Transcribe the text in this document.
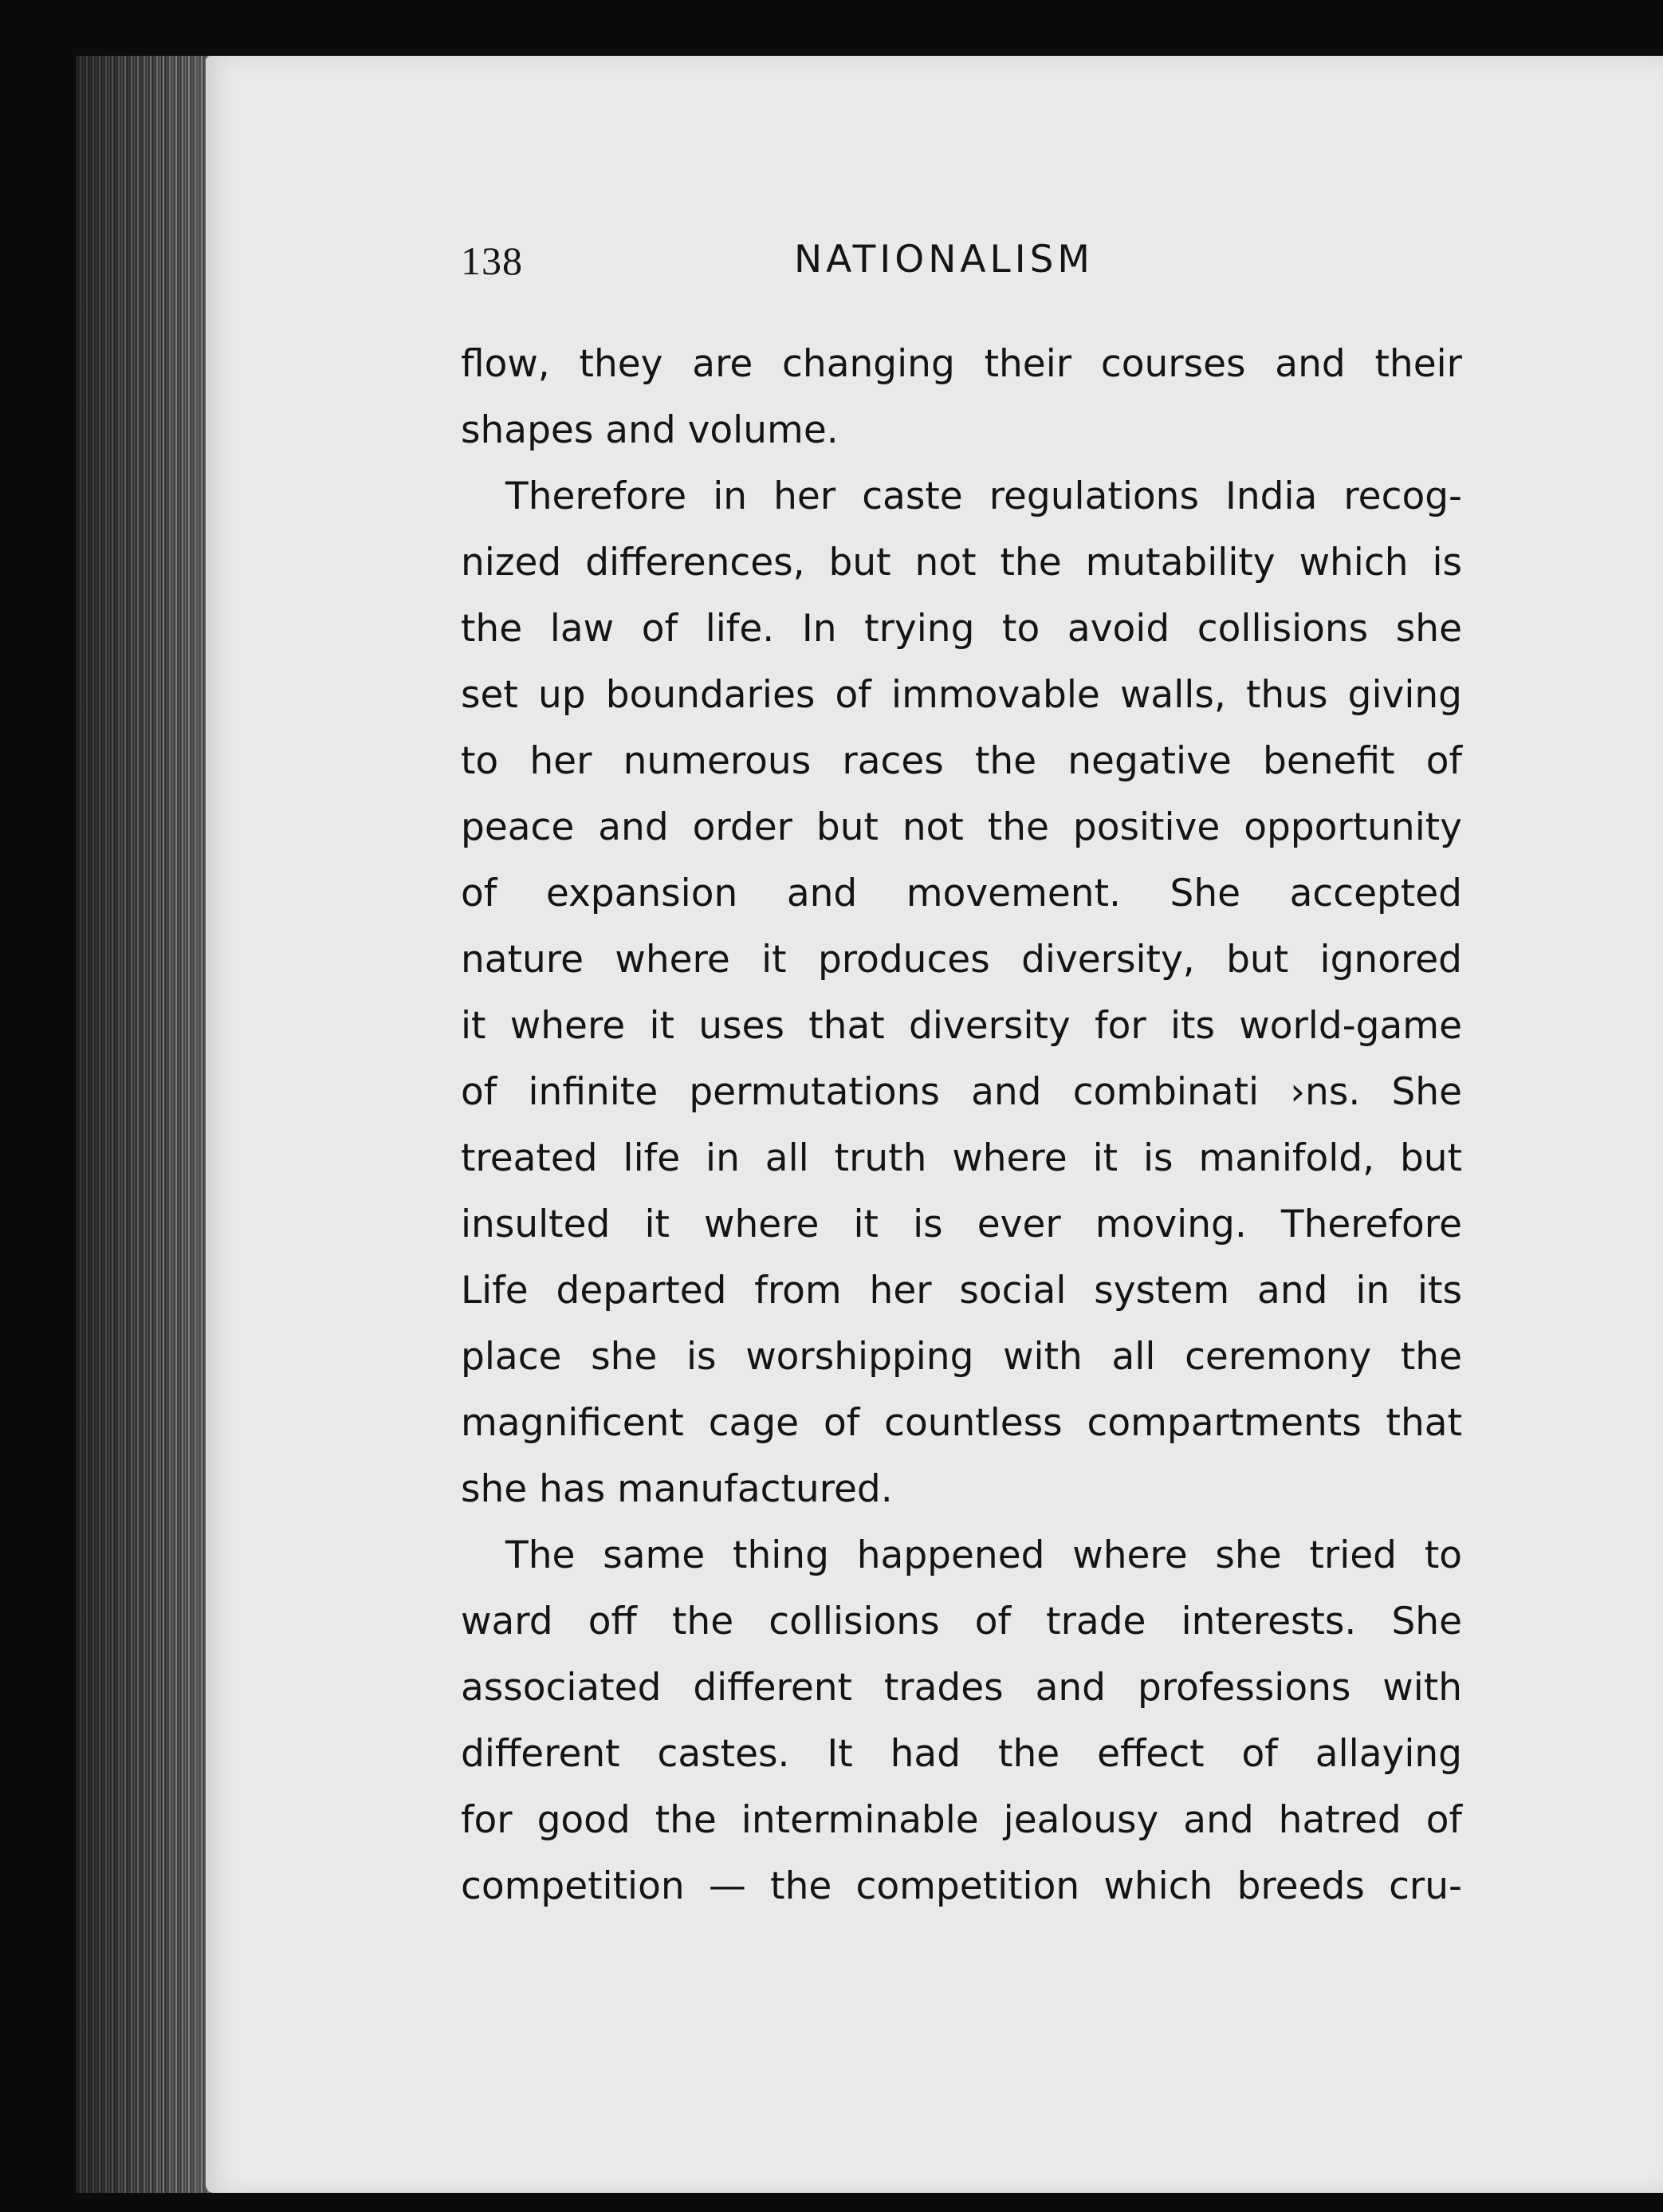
138	NATIONALISM
flow, they are changing their courses and their
shapes and volume.
Therefore in her caste regulations India recog-
nized differences, but not the mutability which is
the law of life. In trying to avoid collisions she
set up boundaries of immovable walls, thus giving
to her numerous races the negative benefit of
peace and order but not the positive opportunity
of expansion and movement. She accepted
nature where it produces diversity, but ignored
it where it uses that diversity for its world-game
of infinite permutations and combinati ›ns. She
treated life in all truth where it is manifold, but
insulted it where it is ever moving. Therefore
Life departed from her social system and in its
place she is worshipping with all ceremony the
magnificent cage of countless compartments that
she has manufactured.
The same thing happened where she tried to
ward off the collisions of trade interests. She
associated different trades and professions with
different castes. It had the effect of allaying
for good the interminable jealousy and hatred of
competition — the competition which breeds cru-
